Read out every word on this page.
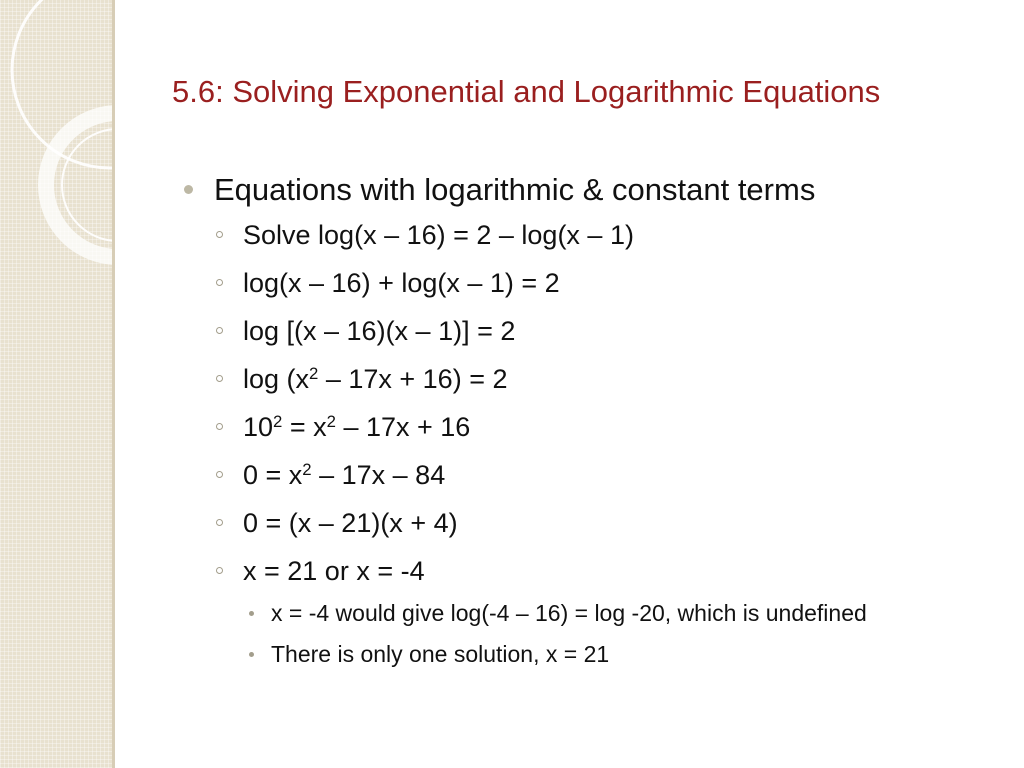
5.6: Solving Exponential and Logarithmic Equations
Equations with logarithmic & constant terms
Solve log(x – 16) = 2 – log(x – 1)
log(x – 16) + log(x – 1) = 2
log [(x – 16)(x – 1)] = 2
$\log (x^2 - 17x + 16) = 2$
$10^2 = x^2 - 17x + 16$
$0 = x^2 - 17x - 84$
0 = (x – 21)(x + 4)
x = 21 or x = -4
x = -4 would give log(-4 – 16) = log -20, which is undefined
There is only one solution, x = 21
